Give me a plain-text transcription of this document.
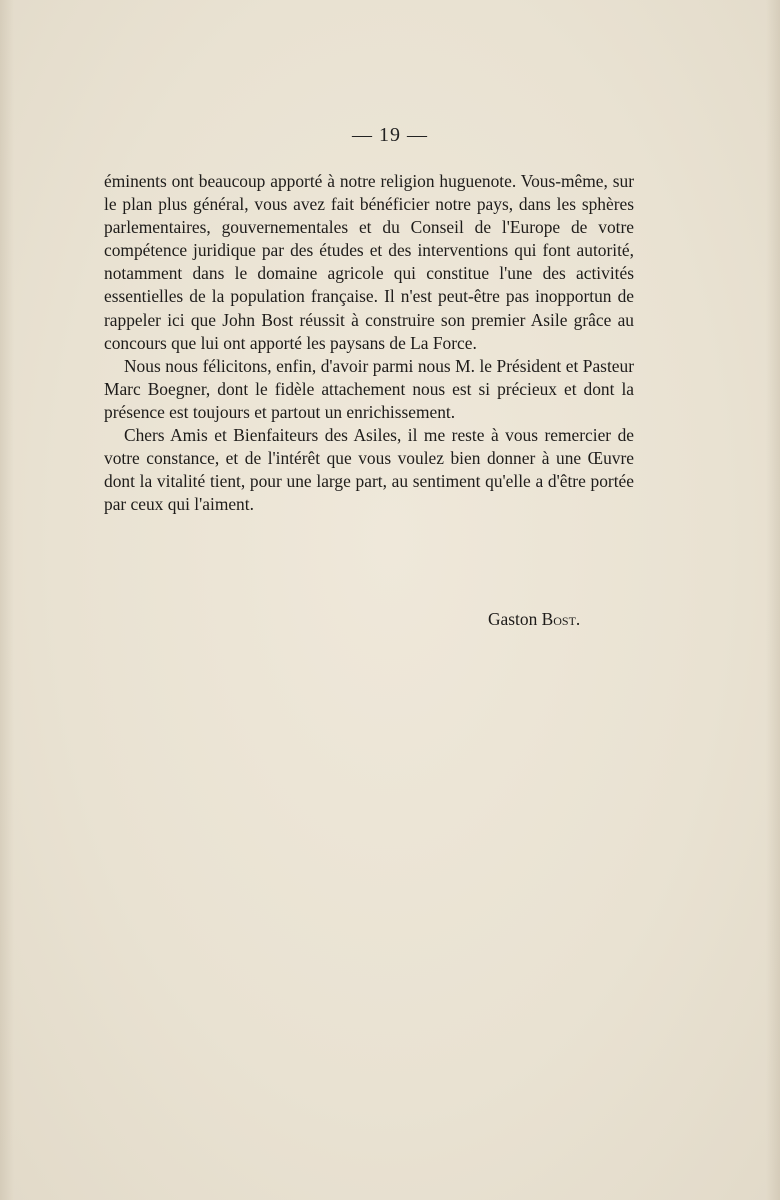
— 19 —

éminents ont beaucoup apporté à notre religion huguenote. Vous-même, sur le plan plus général, vous avez fait bénéficier notre pays, dans les sphères parlementaires, gouvernementales et du Conseil de l'Europe de votre compétence juridique par des études et des interventions qui font autorité, notamment dans le domaine agricole qui constitue l'une des activités essentielles de la population française. Il n'est peut-être pas inopportun de rappeler ici que John Bost réussit à construire son premier Asile grâce au concours que lui ont apporté les paysans de La Force.

Nous nous félicitons, enfin, d'avoir parmi nous M. le Président et Pasteur Marc Boegner, dont le fidèle attachement nous est si précieux et dont la présence est toujours et partout un enrichissement.

Chers Amis et Bienfaiteurs des Asiles, il me reste à vous remercier de votre constance, et de l'intérêt que vous voulez bien donner à une Œuvre dont la vitalité tient, pour une large part, au sentiment qu'elle a d'être portée par ceux qui l'aiment.

Gaston Bost.
